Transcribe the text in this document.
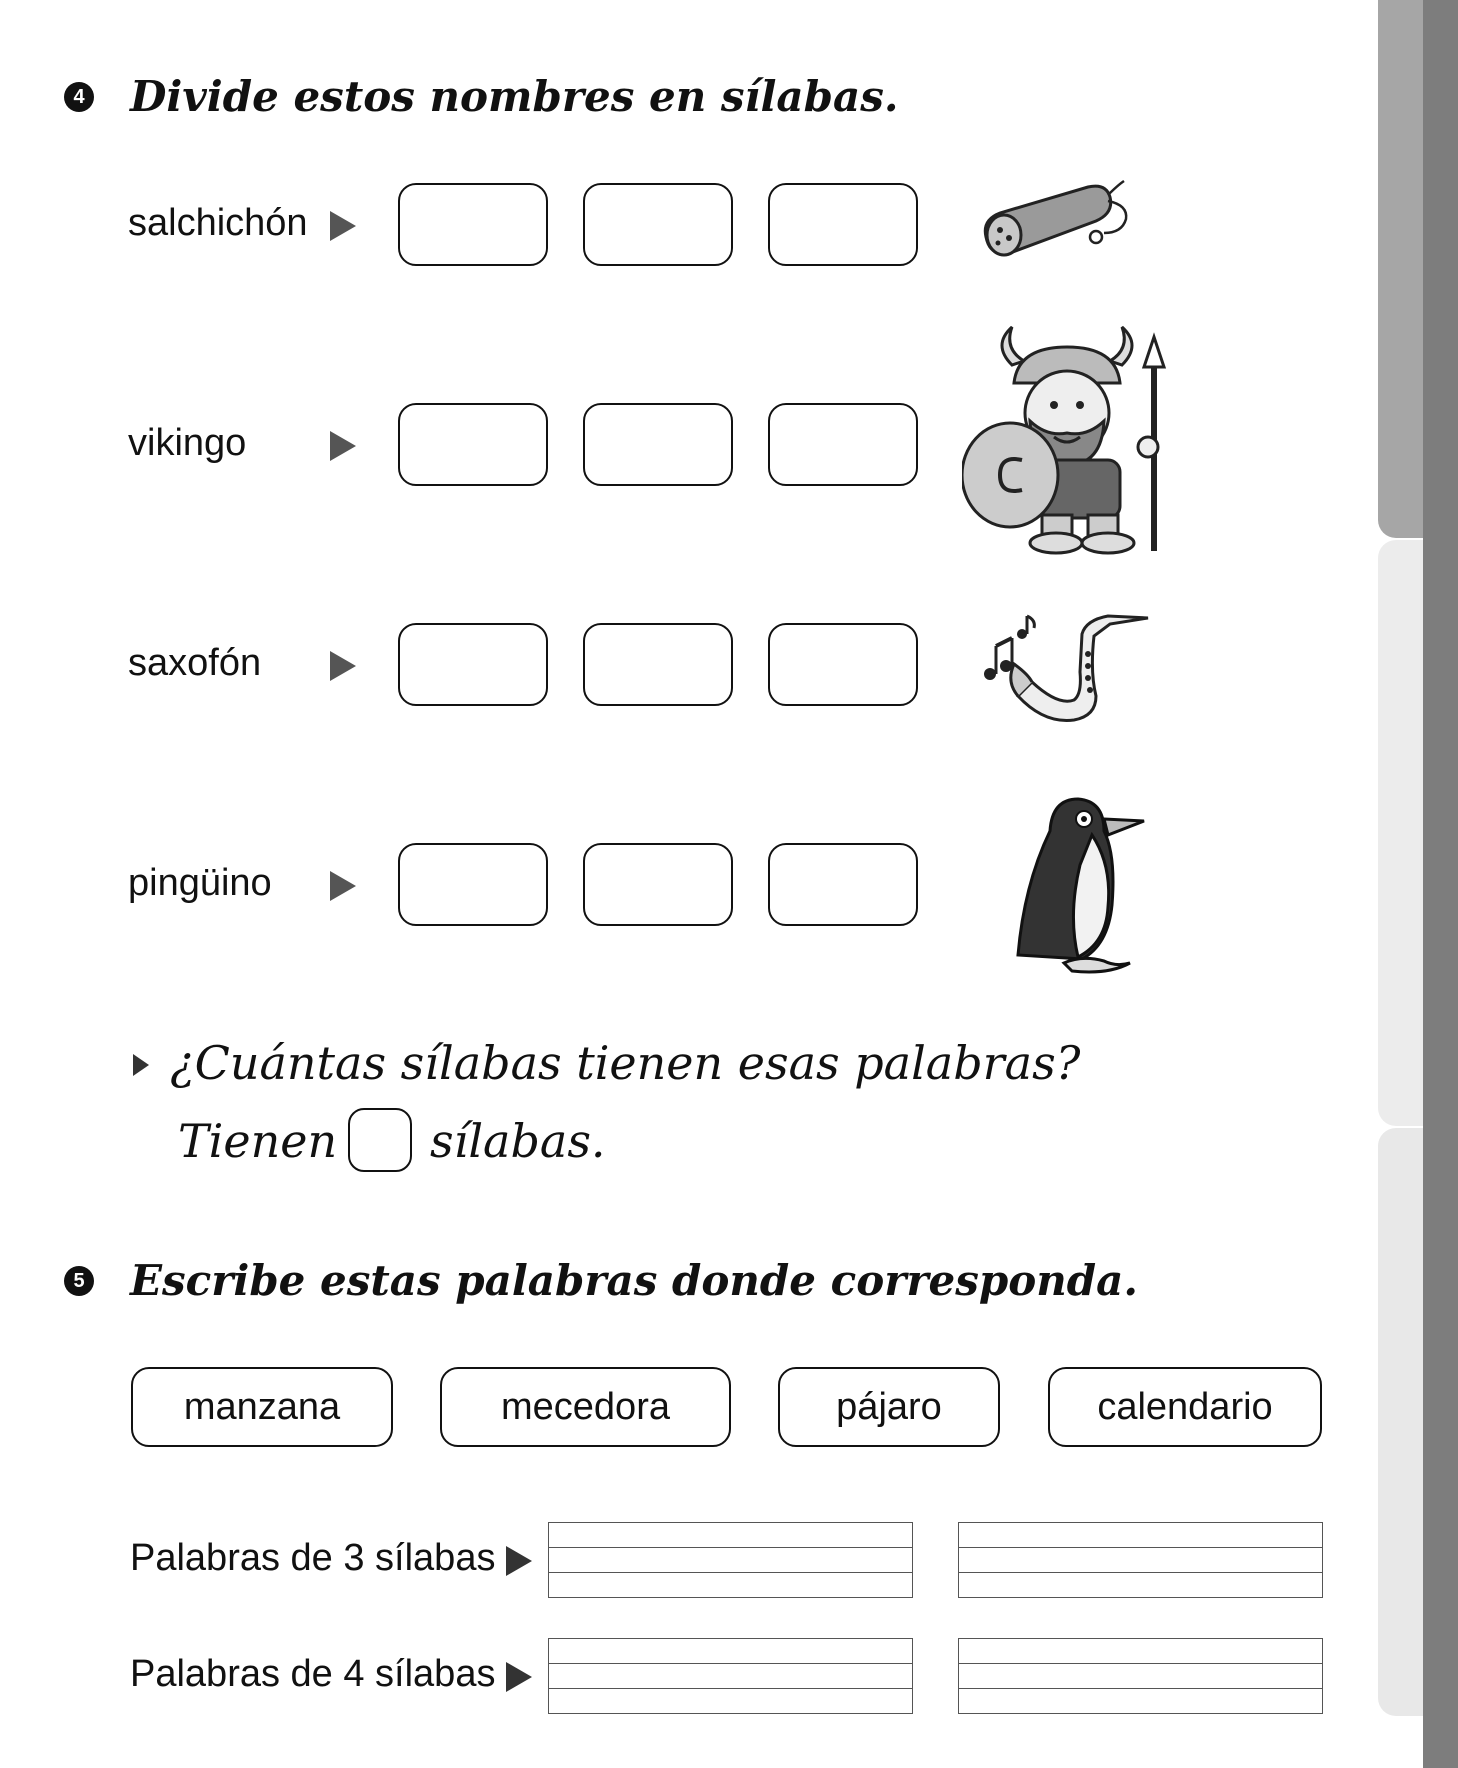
4 Divide estos nombres en sílabas.
salchichón
vikingo
saxofón
pingüino
¿Cuántas sílabas tienen esas palabras?
Tienen sílabas.
5 Escribe estas palabras donde corresponda.
manzana	mecedora	pájaro	calendario
Palabras de 3 sílabas
Palabras de 4 sílabas
